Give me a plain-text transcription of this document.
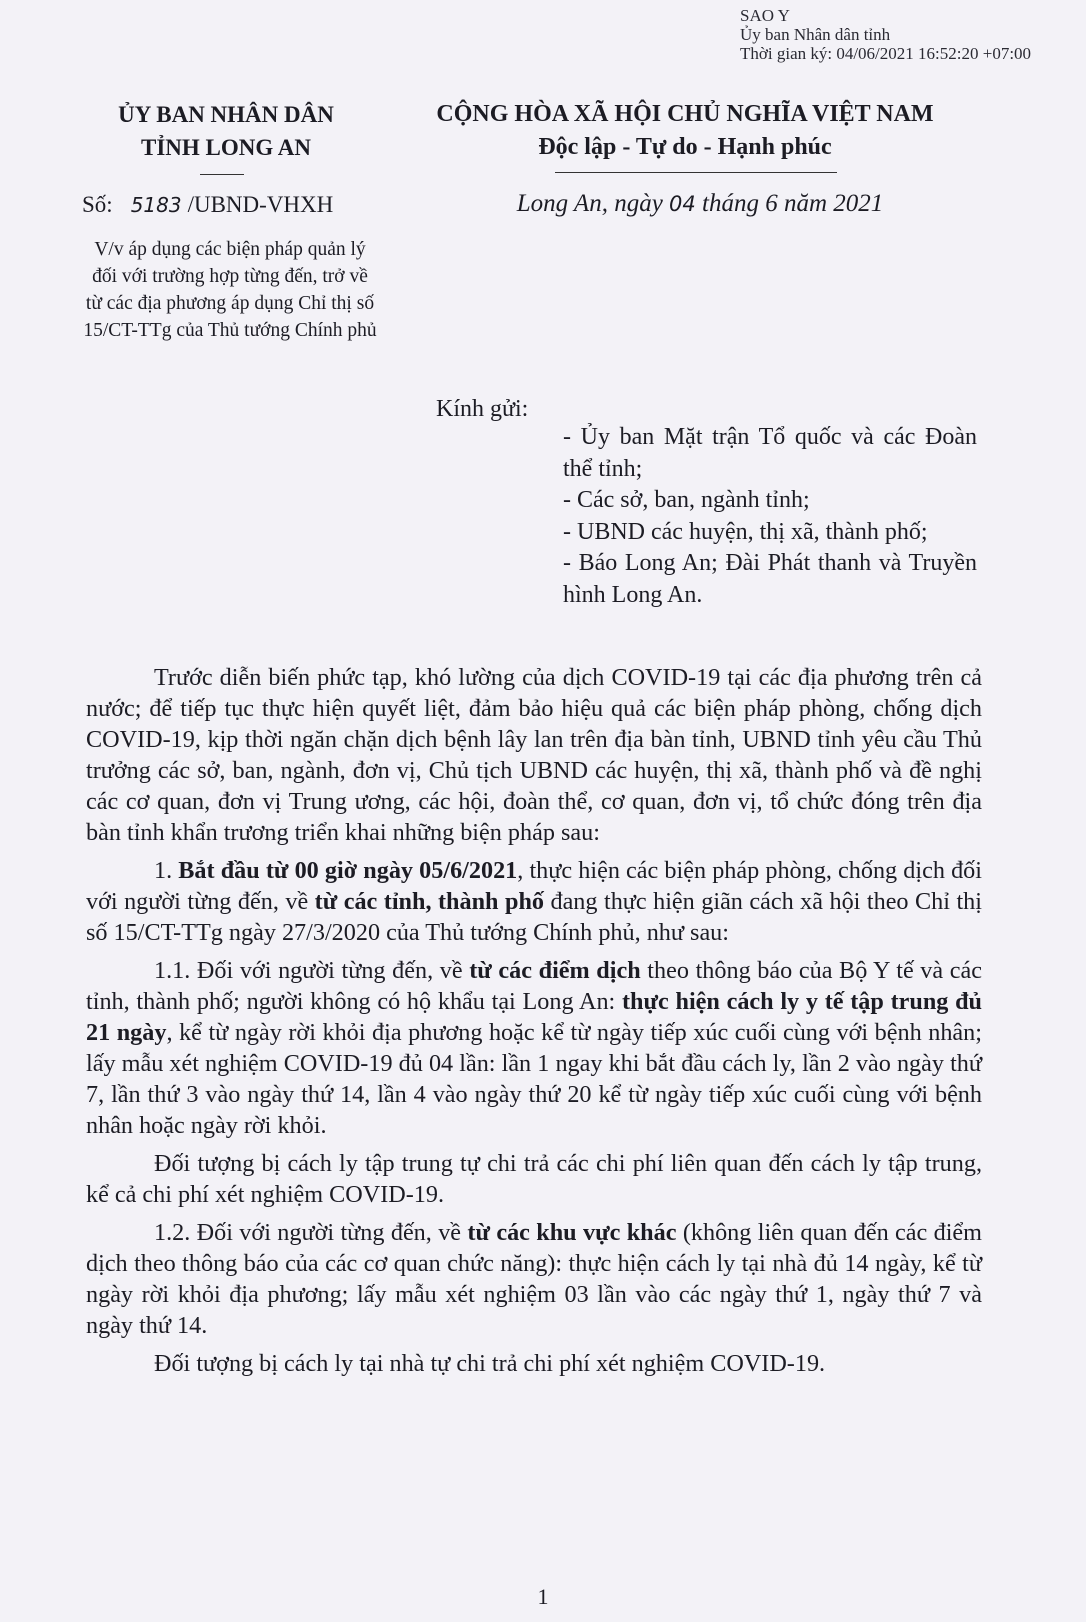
SAO Y
Ủy ban Nhân dân tỉnh
Thời gian ký: 04/06/2021 16:52:20 +07:00
ỦY BAN NHÂN DÂN
TỈNH LONG AN
CỘNG HÒA XÃ HỘI CHỦ NGHĨA VIỆT NAM
Độc lập - Tự do - Hạnh phúc
Số: 5183 /UBND-VHXH	Long An, ngày 04 tháng 6 năm 2021
V/v áp dụng các biện pháp quản lý
đối với trường hợp từng đến, trở về
từ các địa phương áp dụng Chỉ thị số
15/CT-TTg của Thủ tướng Chính phủ
Kính gửi:

- Ủy ban Mặt trận Tổ quốc và các Đoàn thể tỉnh;

- Các sở, ban, ngành tỉnh;

- UBND các huyện, thị xã, thành phố;

- Báo Long An; Đài Phát thanh và Truyền hình Long An.

Trước diễn biến phức tạp, khó lường của dịch COVID-19 tại các địa phương trên cả nước; để tiếp tục thực hiện quyết liệt, đảm bảo hiệu quả các biện pháp phòng, chống dịch COVID-19, kịp thời ngăn chặn dịch bệnh lây lan trên địa bàn tỉnh, UBND tỉnh yêu cầu Thủ trưởng các sở, ban, ngành, đơn vị, Chủ tịch UBND các huyện, thị xã, thành phố và đề nghị các cơ quan, đơn vị Trung ương, các hội, đoàn thể, cơ quan, đơn vị, tổ chức đóng trên địa bàn tỉnh khẩn trương triển khai những biện pháp sau:

1. Bắt đầu từ 00 giờ ngày 05/6/2021, thực hiện các biện pháp phòng, chống dịch đối với người từng đến, về từ các tỉnh, thành phố đang thực hiện giãn cách xã hội theo Chỉ thị số 15/CT-TTg ngày 27/3/2020 của Thủ tướng Chính phủ, như sau:

1.1. Đối với người từng đến, về từ các điểm dịch theo thông báo của Bộ Y tế và các tỉnh, thành phố; người không có hộ khẩu tại Long An: thực hiện cách ly y tế tập trung đủ 21 ngày, kể từ ngày rời khỏi địa phương hoặc kể từ ngày tiếp xúc cuối cùng với bệnh nhân; lấy mẫu xét nghiệm COVID-19 đủ 04 lần: lần 1 ngay khi bắt đầu cách ly, lần 2 vào ngày thứ 7, lần thứ 3 vào ngày thứ 14, lần 4 vào ngày thứ 20 kể từ ngày tiếp xúc cuối cùng với bệnh nhân hoặc ngày rời khỏi.

Đối tượng bị cách ly tập trung tự chi trả các chi phí liên quan đến cách ly tập trung, kể cả chi phí xét nghiệm COVID-19.

1.2. Đối với người từng đến, về từ các khu vực khác (không liên quan đến các điểm dịch theo thông báo của các cơ quan chức năng): thực hiện cách ly tại nhà đủ 14 ngày, kể từ ngày rời khỏi địa phương; lấy mẫu xét nghiệm 03 lần vào các ngày thứ 1, ngày thứ 7 và ngày thứ 14.

Đối tượng bị cách ly tại nhà tự chi trả chi phí xét nghiệm COVID-19.

1
